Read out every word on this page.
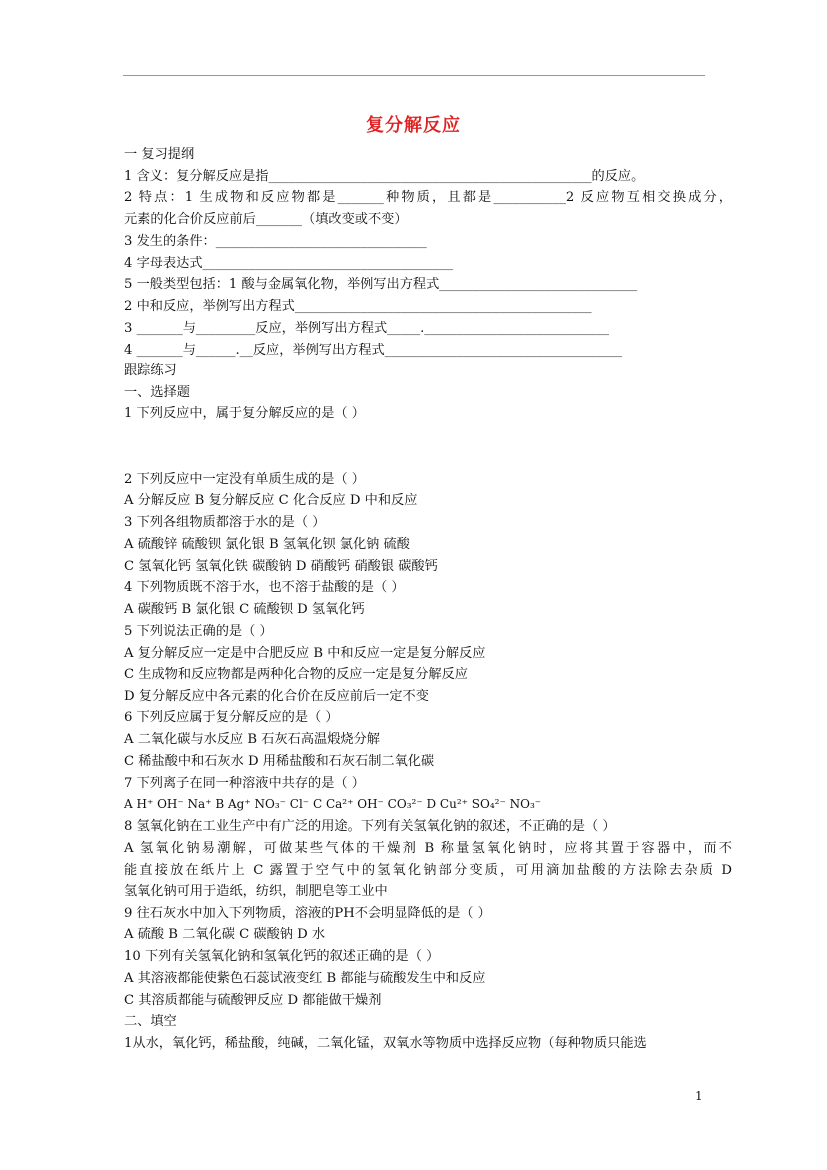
复分解反应
一 复习提纲
1 含义：复分解反应是指_________________________________________________的反应。
2 特点：1 生成物和反应物都是_______种物质，且都是___________2 反应物互相交换成分，
元素的化合价反应前后_______（填改变或不变）
3 发生的条件：________________________________
4 字母表达式______________________________________
5 一般类型包括：1 酸与金属氧化物，举例写出方程式______________________________
2 中和反应，举例写出方程式_____________________________________________
3 _______与_________反应，举例写出方程式_____.____________________________
4 _______与______.__反应，举例写出方程式____________________________________
跟踪练习
一、选择题
1 下列反应中，属于复分解反应的是（ ）
2 下列反应中一定没有单质生成的是（ ）
A 分解反应 B 复分解反应 C 化合反应 D 中和反应
3 下列各组物质都溶于水的是（ ）
A 硫酸锌 硫酸钡 氯化银 B 氢氧化钡 氯化钠 硫酸
C 氢氧化钙 氢氧化铁 碳酸钠 D 硝酸钙 硝酸银 碳酸钙
4 下列物质既不溶于水，也不溶于盐酸的是（ ）
A 碳酸钙 B 氯化银 C 硫酸钡 D 氢氧化钙
5 下列说法正确的是（ ）
A 复分解反应一定是中合肥反应 B 中和反应一定是复分解反应
C 生成物和反应物都是两种化合物的反应一定是复分解反应
D 复分解反应中各元素的化合价在反应前后一定不变
6 下列反应属于复分解反应的是（ ）
A 二氧化碳与水反应 B 石灰石高温煅烧分解
C 稀盐酸中和石灰水 D 用稀盐酸和石灰石制二氧化碳
7 下列离子在同一种溶液中共存的是（ ）
A H⁺ OH⁻ Na⁺ B Ag⁺ NO₃⁻ Cl⁻ C Ca²⁺ OH⁻ CO₃²⁻ D Cu²⁺ SO₄²⁻ NO₃⁻
8 氢氧化钠在工业生产中有广泛的用途。下列有关氢氧化钠的叙述，不正确的是（ ）
A 氢氧化钠易潮解，可做某些气体的干燥剂 B 称量氢氧化钠时，应将其置于容器中，而不
能直接放在纸片上 C 露置于空气中的氢氧化钠部分变质，可用滴加盐酸的方法除去杂质 D
氢氧化钠可用于造纸，纺织，制肥皂等工业中
9 往石灰水中加入下列物质，溶液的PH不会明显降低的是（ ）
A 硫酸 B 二氧化碳 C 碳酸钠 D 水
10 下列有关氢氧化钠和氢氧化钙的叙述正确的是（ ）
A 其溶液都能使紫色石蕊试液变红 B 都能与硫酸发生中和反应
C 其溶质都能与硫酸钾反应 D 都能做干燥剂
二、填空
1从水，氧化钙，稀盐酸，纯碱，二氧化锰，双氧水等物质中选择反应物（每种物质只能选
1
